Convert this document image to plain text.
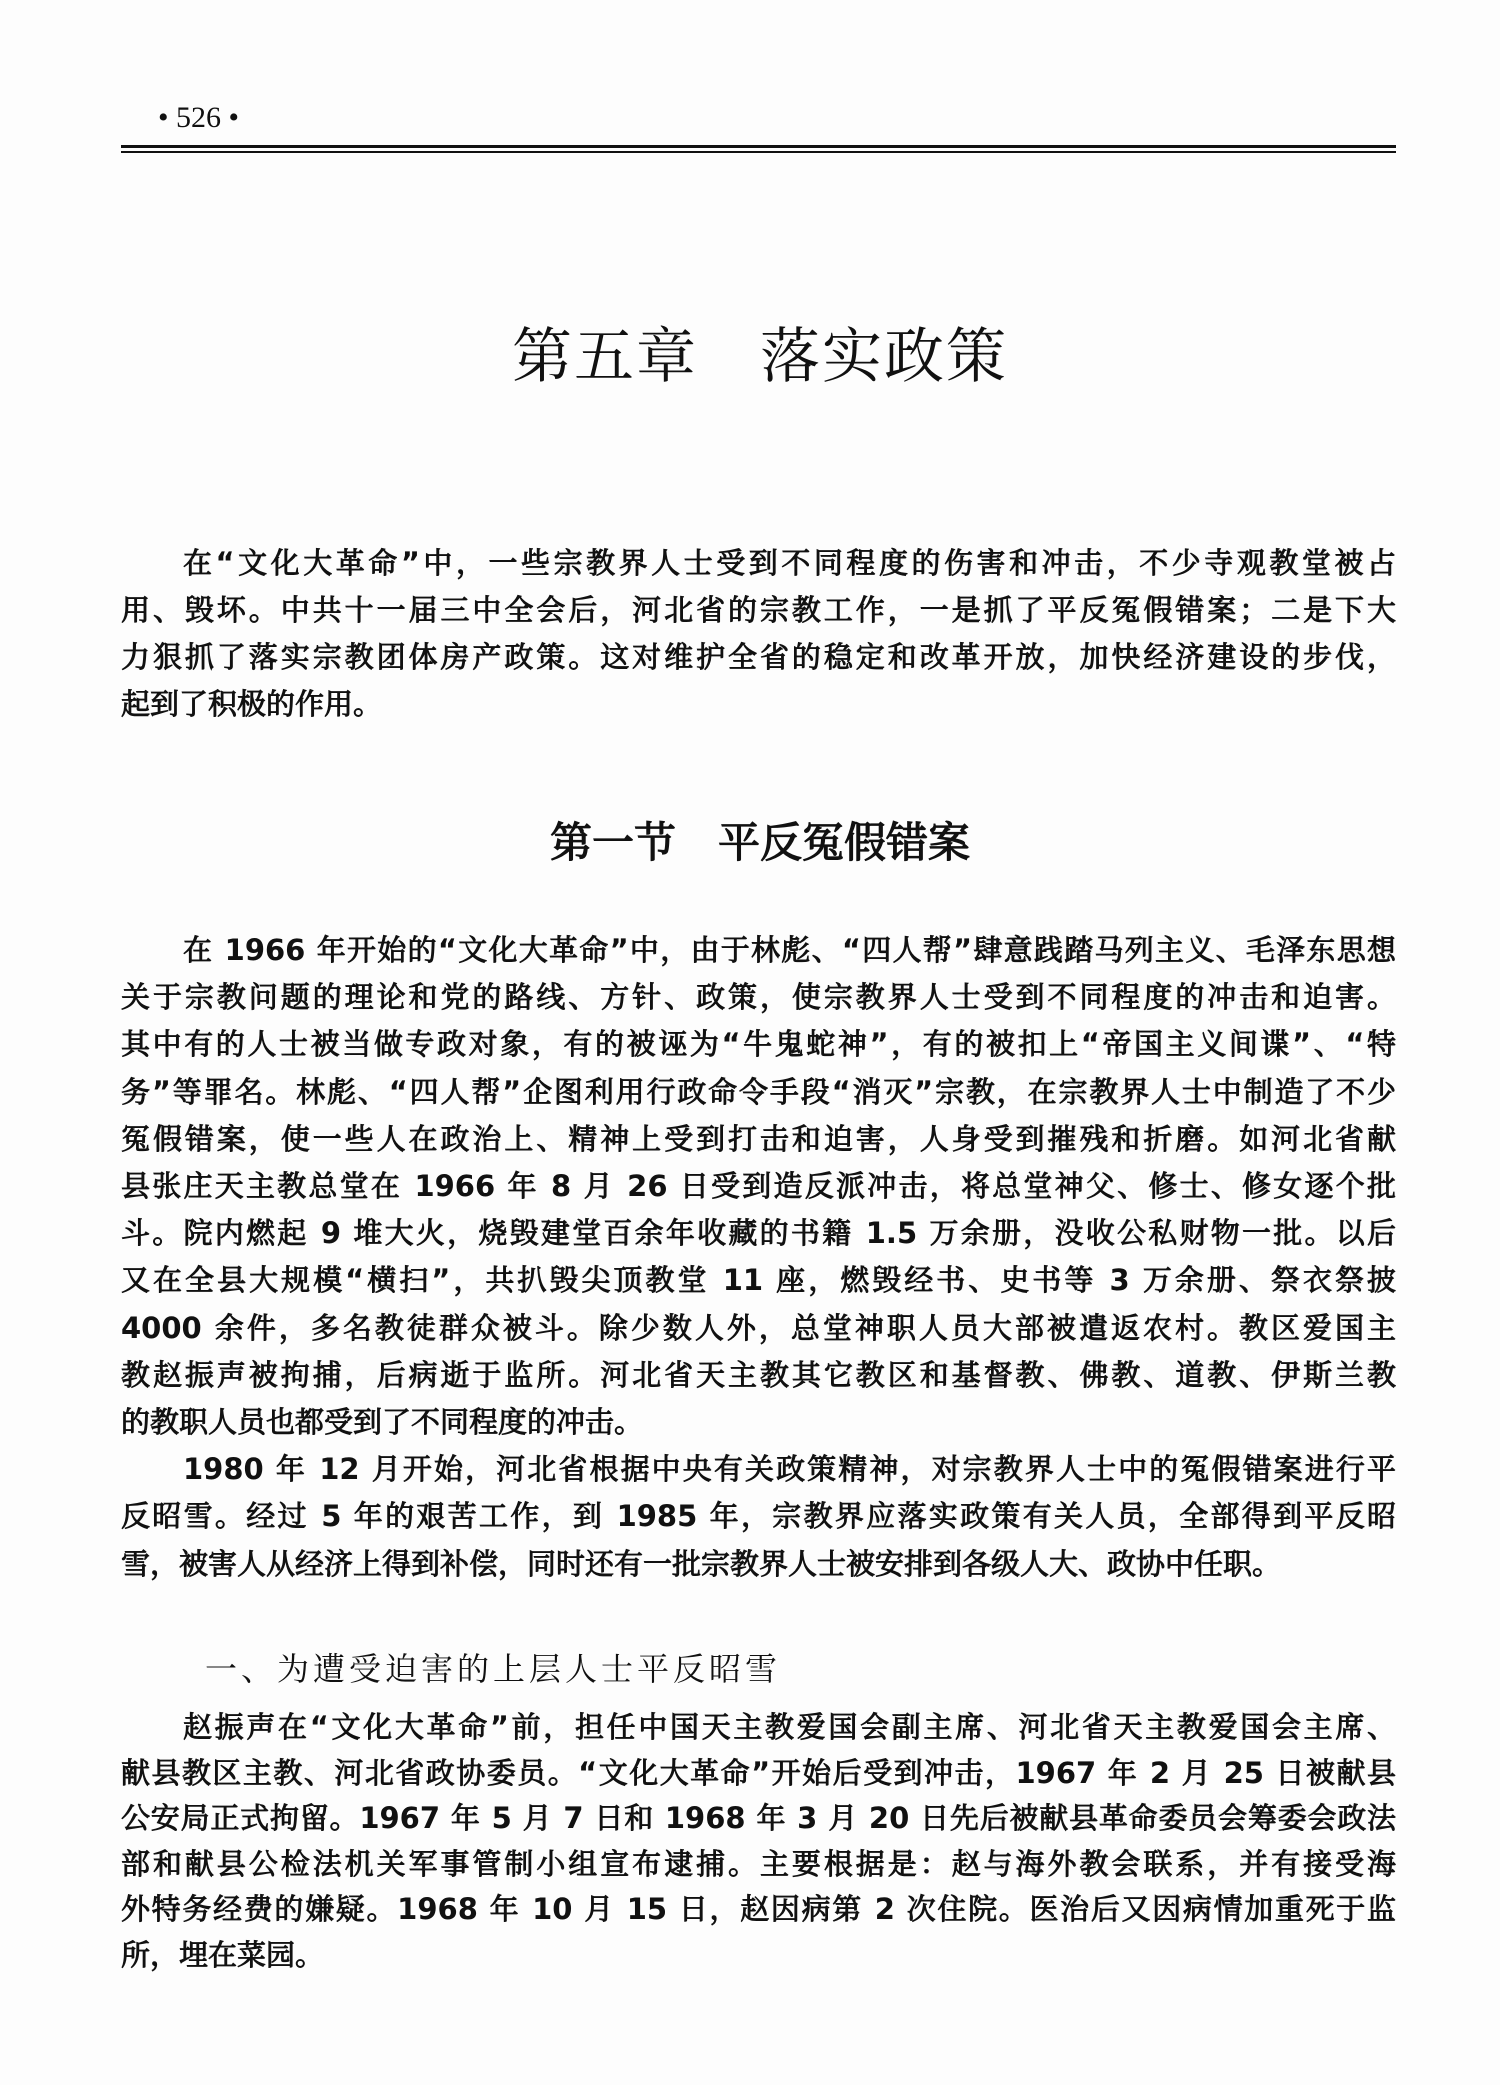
• 526 •
第五章　落实政策
在“文化大革命”中，一些宗教界人士受到不同程度的伤害和冲击，不少寺观教堂被占
用、毁坏。中共十一届三中全会后，河北省的宗教工作，一是抓了平反冤假错案；二是下大
力狠抓了落实宗教团体房产政策。这对维护全省的稳定和改革开放，加快经济建设的步伐，
起到了积极的作用。
第一节　平反冤假错案
在 1966 年开始的“文化大革命”中，由于林彪、“四人帮”肆意践踏马列主义、毛泽东思想
关于宗教问题的理论和党的路线、方针、政策，使宗教界人士受到不同程度的冲击和迫害。
其中有的人士被当做专政对象，有的被诬为“牛鬼蛇神”，有的被扣上“帝国主义间谍”、“特
务”等罪名。林彪、“四人帮”企图利用行政命令手段“消灭”宗教，在宗教界人士中制造了不少
冤假错案，使一些人在政治上、精神上受到打击和迫害，人身受到摧残和折磨。如河北省献
县张庄天主教总堂在 1966 年 8 月 26 日受到造反派冲击，将总堂神父、修士、修女逐个批
斗。院内燃起 9 堆大火，烧毁建堂百余年收藏的书籍 1.5 万余册，没收公私财物一批。以后
又在全县大规模“横扫”，共扒毁尖顶教堂 11 座，燃毁经书、史书等 3 万余册、祭衣祭披
4000 余件，多名教徒群众被斗。除少数人外，总堂神职人员大部被遣返农村。教区爱国主
教赵振声被拘捕，后病逝于监所。河北省天主教其它教区和基督教、佛教、道教、伊斯兰教
的教职人员也都受到了不同程度的冲击。
1980 年 12 月开始，河北省根据中央有关政策精神，对宗教界人士中的冤假错案进行平
反昭雪。经过 5 年的艰苦工作，到 1985 年，宗教界应落实政策有关人员，全部得到平反昭
雪，被害人从经济上得到补偿，同时还有一批宗教界人士被安排到各级人大、政协中任职。
一、为遭受迫害的上层人士平反昭雪
赵振声在“文化大革命”前，担任中国天主教爱国会副主席、河北省天主教爱国会主席、
献县教区主教、河北省政协委员。“文化大革命”开始后受到冲击，1967 年 2 月 25 日被献县
公安局正式拘留。1967 年 5 月 7 日和 1968 年 3 月 20 日先后被献县革命委员会筹委会政法
部和献县公检法机关军事管制小组宣布逮捕。主要根据是：赵与海外教会联系，并有接受海
外特务经费的嫌疑。1968 年 10 月 15 日，赵因病第 2 次住院。医治后又因病情加重死于监
所，埋在菜园。
